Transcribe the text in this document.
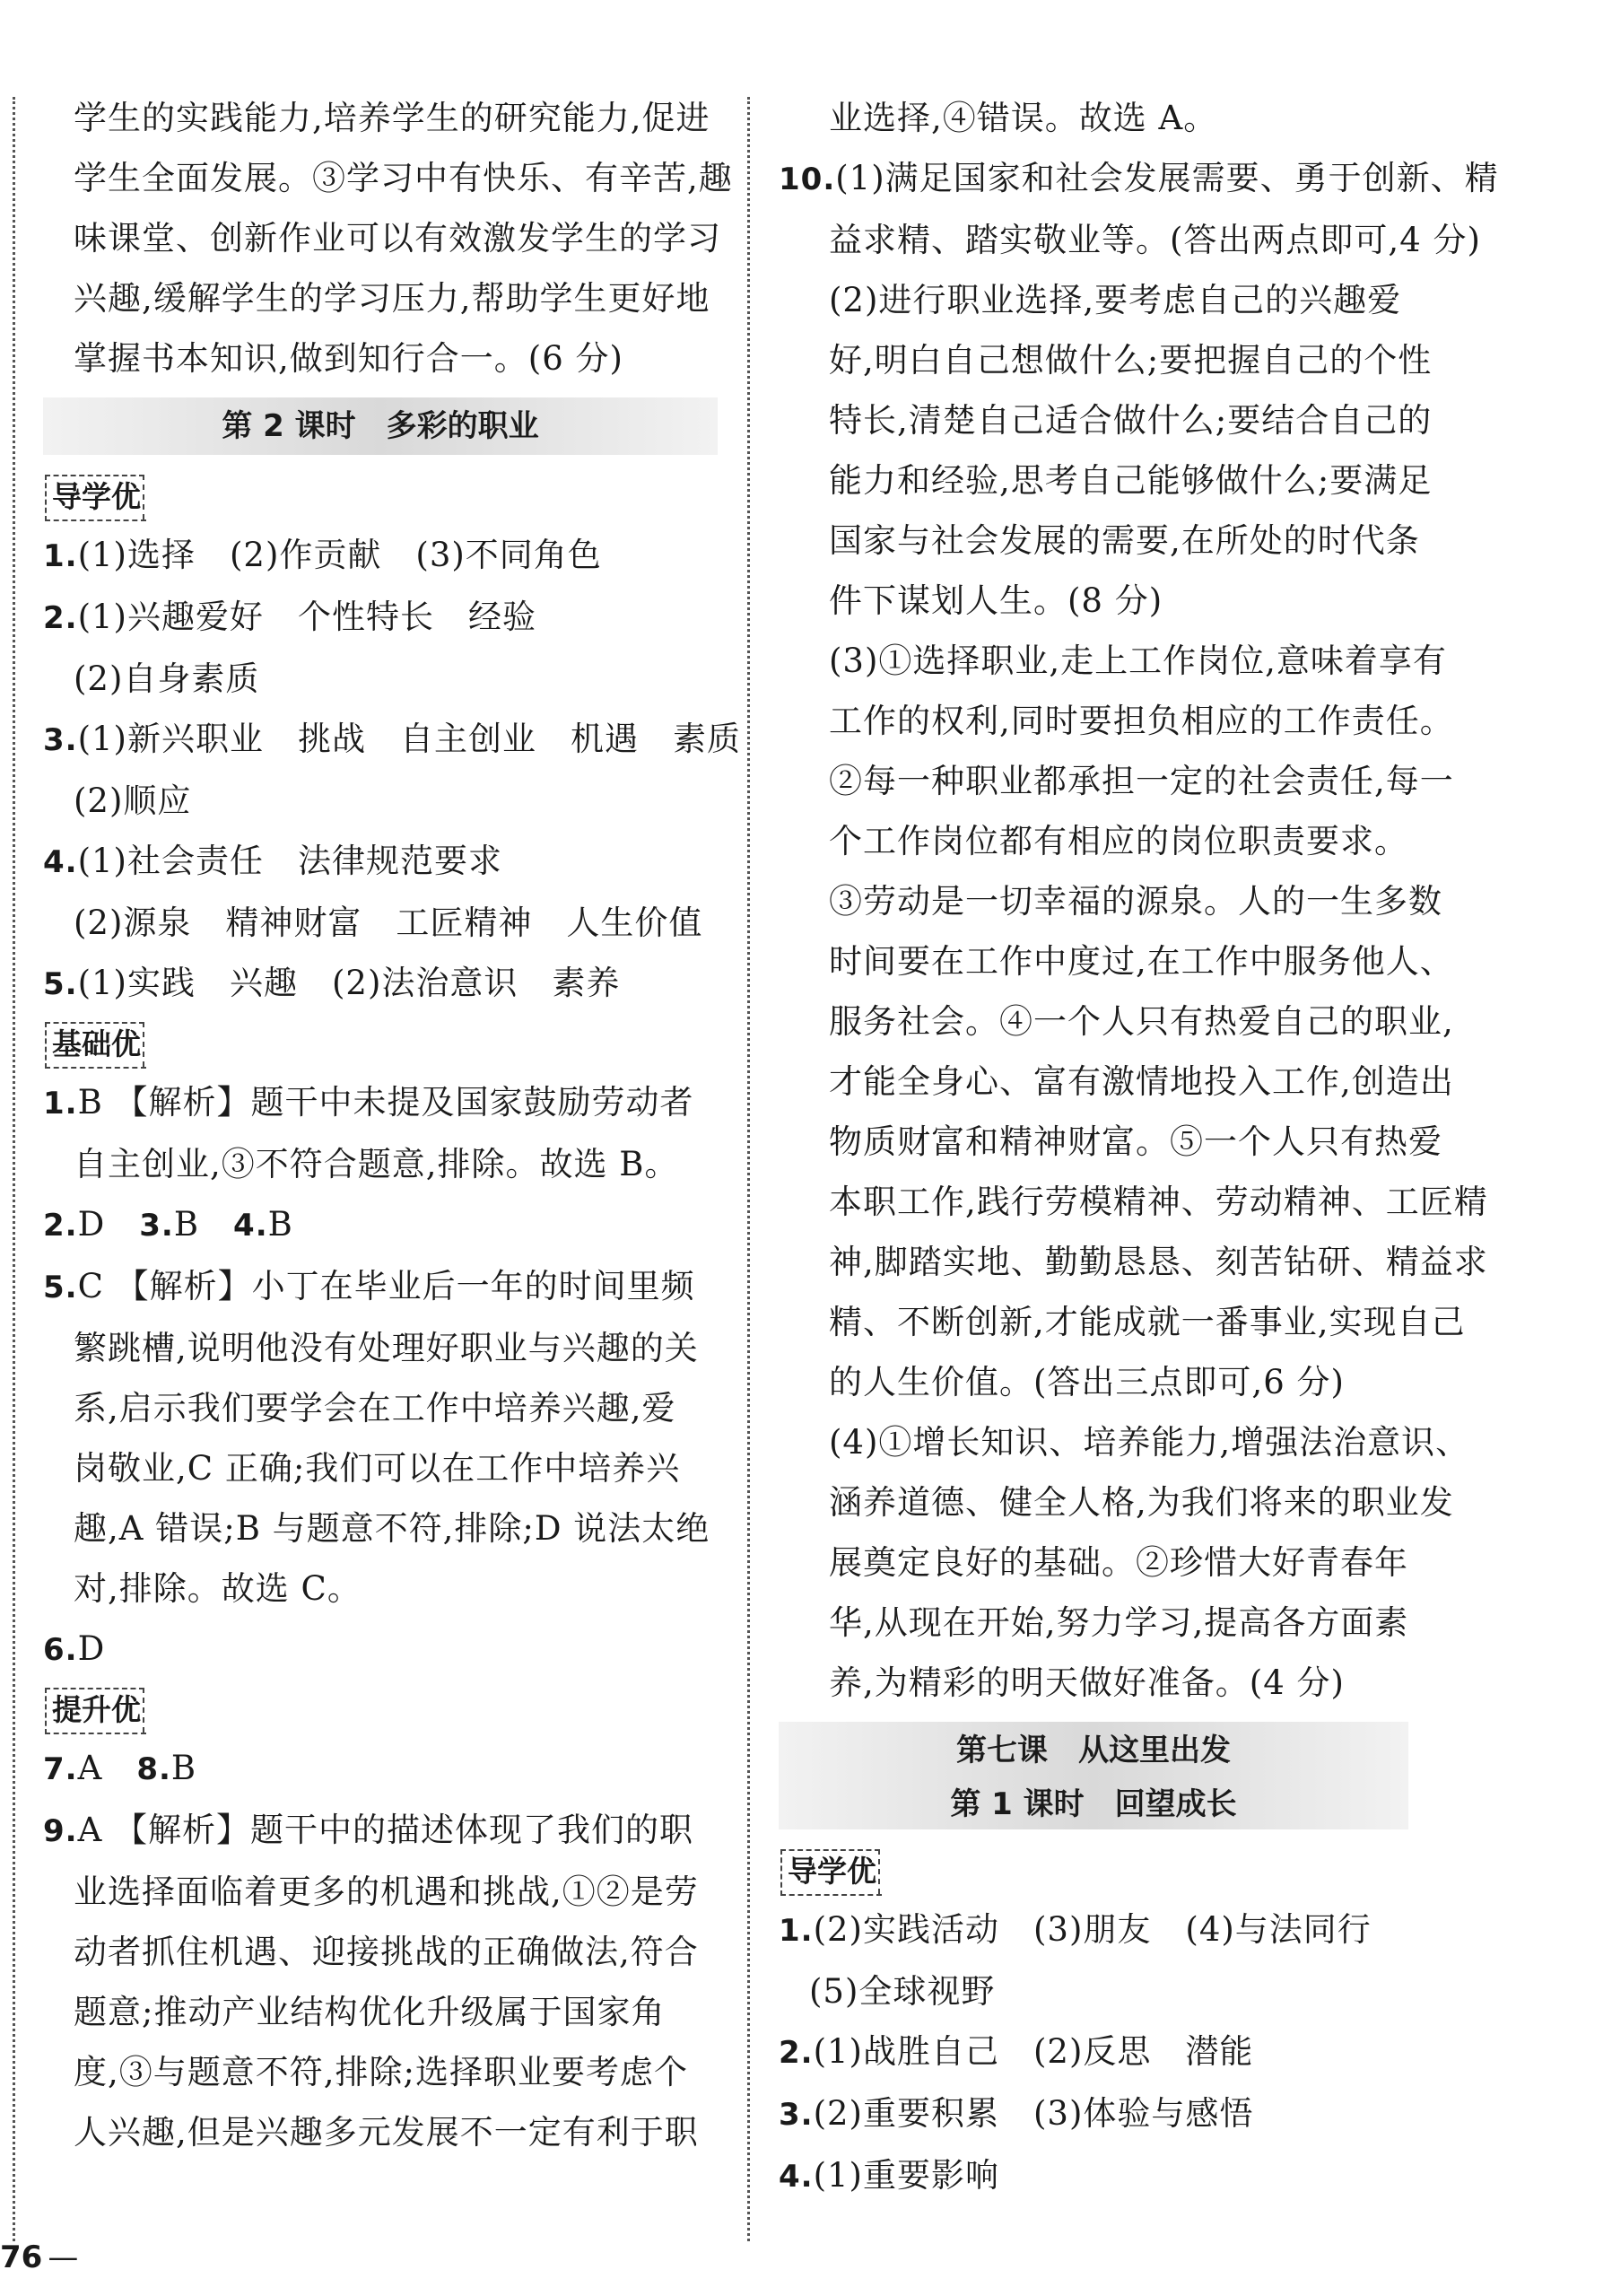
学生的实践能力,培养学生的研究能力,促进

学生全面发展。③学习中有快乐、有辛苦,趣

味课堂、创新作业可以有效激发学生的学习

兴趣,缓解学生的学习压力,帮助学生更好地

掌握书本知识,做到知行合一。(6 分)

第 2 课时　多彩的职业
导学优

1.(1)选择　(2)作贡献　(3)不同角色

2.(1)兴趣爱好　个性特长　经验

(2)自身素质

3.(1)新兴职业　挑战　自主创业　机遇　素质

(2)顺应

4.(1)社会责任　法律规范要求

(2)源泉　精神财富　工匠精神　人生价值

5.(1)实践　兴趣　(2)法治意识　素养

基础优

1.B 【解析】题干中未提及国家鼓励劳动者

自主创业,③不符合题意,排除。故选 B。

2.D　3.B　4.B

5.C 【解析】小丁在毕业后一年的时间里频

繁跳槽,说明他没有处理好职业与兴趣的关

系,启示我们要学会在工作中培养兴趣,爱

岗敬业,C 正确;我们可以在工作中培养兴

趣,A 错误;B 与题意不符,排除;D 说法太绝

对,排除。故选 C。

6.D

提升优

7.A　8.B

9.A 【解析】题干中的描述体现了我们的职

业选择面临着更多的机遇和挑战,①②是劳

动者抓住机遇、迎接挑战的正确做法,符合

题意;推动产业结构优化升级属于国家角

度,③与题意不符,排除;选择职业要考虑个

人兴趣,但是兴趣多元发展不一定有利于职

业选择,④错误。故选 A。

10.(1)满足国家和社会发展需要、勇于创新、精

益求精、踏实敬业等。(答出两点即可,4 分)

(2)进行职业选择,要考虑自己的兴趣爱

好,明白自己想做什么;要把握自己的个性

特长,清楚自己适合做什么;要结合自己的

能力和经验,思考自己能够做什么;要满足

国家与社会发展的需要,在所处的时代条

件下谋划人生。(8 分)

(3)①选择职业,走上工作岗位,意味着享有

工作的权利,同时要担负相应的工作责任。

②每一种职业都承担一定的社会责任,每一

个工作岗位都有相应的岗位职责要求。

③劳动是一切幸福的源泉。人的一生多数

时间要在工作中度过,在工作中服务他人、

服务社会。④一个人只有热爱自己的职业,

才能全身心、富有激情地投入工作,创造出

物质财富和精神财富。⑤一个人只有热爱

本职工作,践行劳模精神、劳动精神、工匠精

神,脚踏实地、勤勤恳恳、刻苦钻研、精益求

精、不断创新,才能成就一番事业,实现自己

的人生价值。(答出三点即可,6 分)

(4)①增长知识、培养能力,增强法治意识、

涵养道德、健全人格,为我们将来的职业发

展奠定良好的基础。②珍惜大好青春年

华,从现在开始,努力学习,提高各方面素

养,为精彩的明天做好准备。(4 分)

第七课　从这里出发
第 1 课时　回望成长
导学优

1.(2)实践活动　(3)朋友　(4)与法同行

(5)全球视野

2.(1)战胜自己　(2)反思　潜能

3.(2)重要积累　(3)体验与感悟

4.(1)重要影响

76 —
